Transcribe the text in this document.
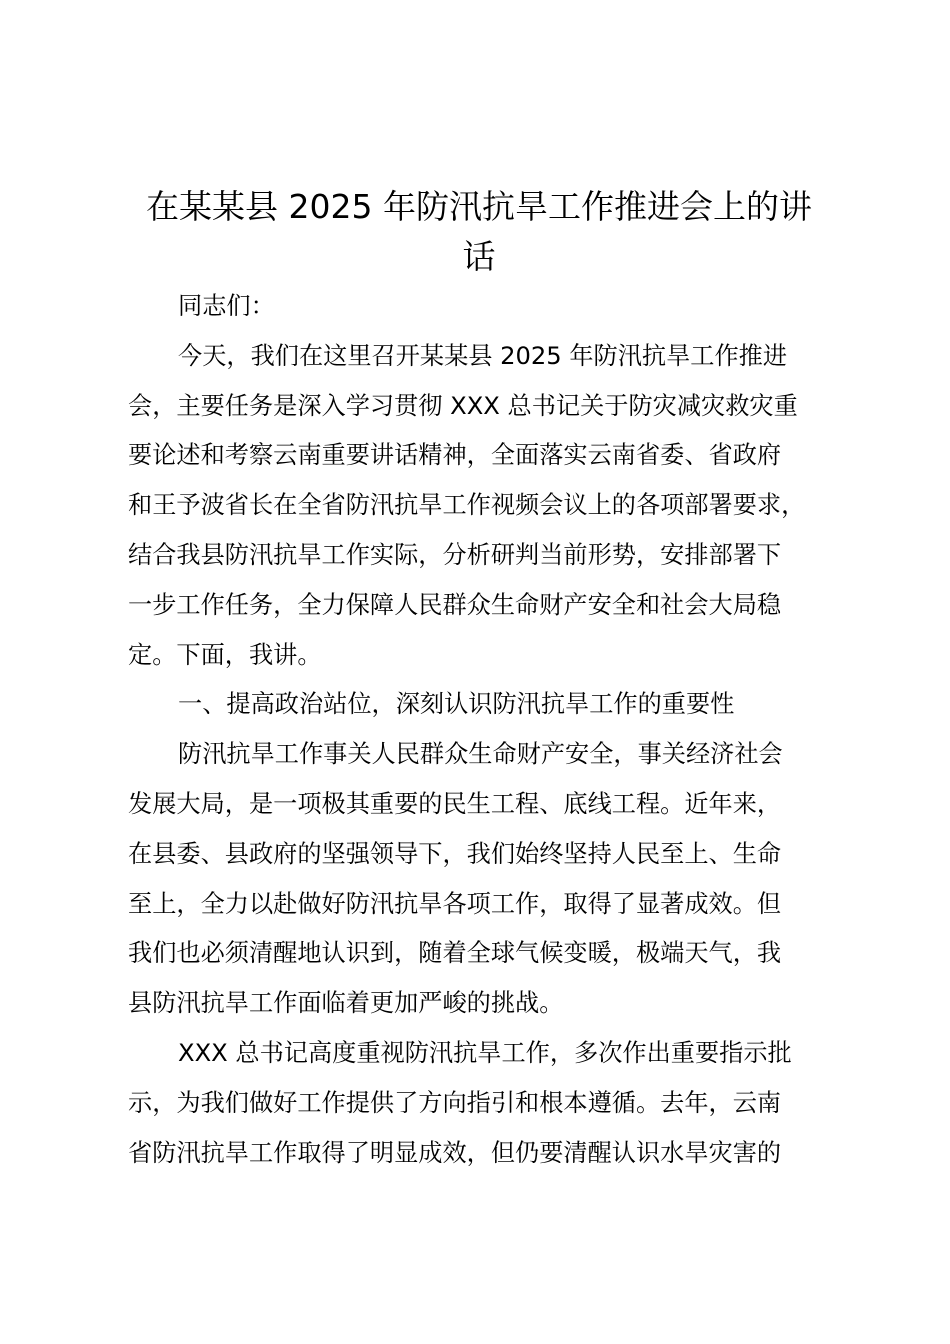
在某某县 2025 年防汛抗旱工作推进会上的讲
话

同志们：

今天，我们在这里召开某某县 2025 年防汛抗旱工作推进
会，主要任务是深入学习贯彻 XXX 总书记关于防灾减灾救灾重
要论述和考察云南重要讲话精神，全面落实云南省委、省政府
和王予波省长在全省防汛抗旱工作视频会议上的各项部署要求，
结合我县防汛抗旱工作实际，分析研判当前形势，安排部署下
一步工作任务，全力保障人民群众生命财产安全和社会大局稳
定。下面，我讲。

一、提高政治站位，深刻认识防汛抗旱工作的重要性

防汛抗旱工作事关人民群众生命财产安全，事关经济社会
发展大局，是一项极其重要的民生工程、底线工程。近年来，
在县委、县政府的坚强领导下，我们始终坚持人民至上、生命
至上，全力以赴做好防汛抗旱各项工作，取得了显著成效。但
我们也必须清醒地认识到，随着全球气候变暖，极端天气，我
县防汛抗旱工作面临着更加严峻的挑战。

XXX 总书记高度重视防汛抗旱工作，多次作出重要指示批
示，为我们做好工作提供了方向指引和根本遵循。去年，云南
省防汛抗旱工作取得了明显成效，但仍要清醒认识水旱灾害的
